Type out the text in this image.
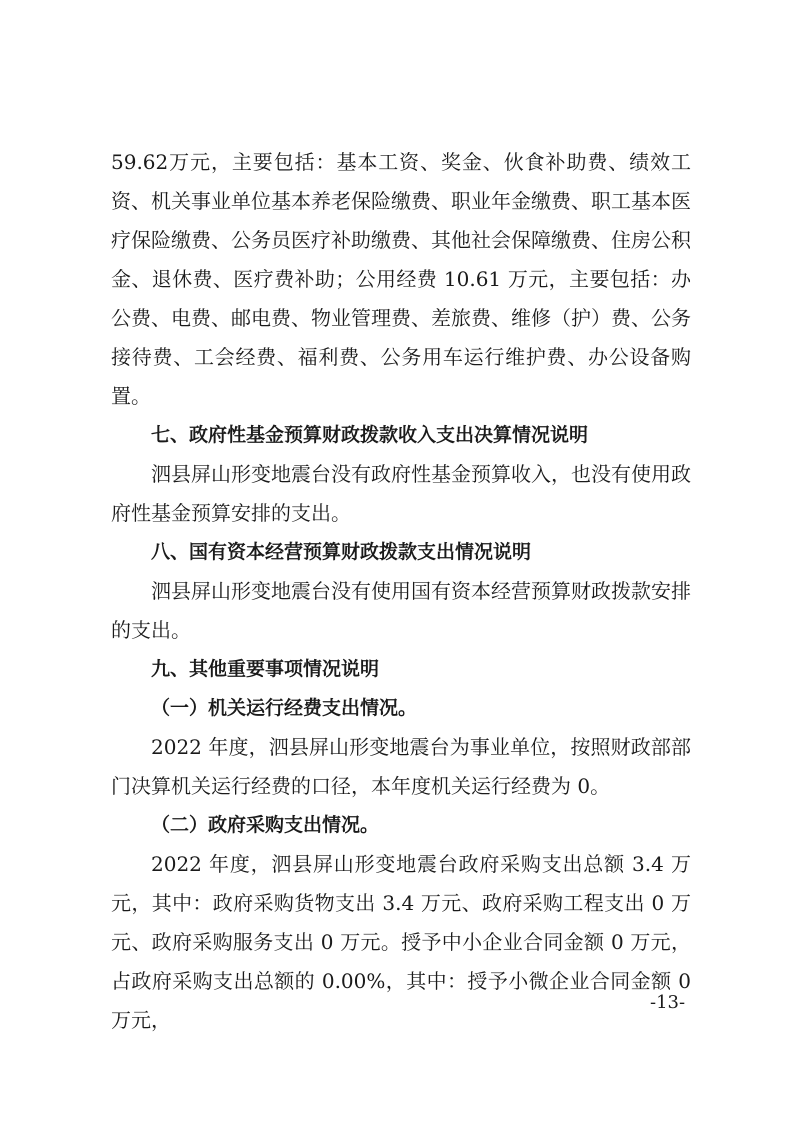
59.62万元，主要包括：基本工资、奖金、伙食补助费、绩效工资、机关事业单位基本养老保险缴费、职业年金缴费、职工基本医疗保险缴费、公务员医疗补助缴费、其他社会保障缴费、住房公积金、退休费、医疗费补助；公用经费 10.61 万元，主要包括：办公费、电费、邮电费、物业管理费、差旅费、维修（护）费、公务接待费、工会经费、福利费、公务用车运行维护费、办公设备购置。

七、政府性基金预算财政拨款收入支出决算情况说明

泗县屏山形变地震台没有政府性基金预算收入，也没有使用政府性基金预算安排的支出。

八、国有资本经营预算财政拨款支出情况说明

泗县屏山形变地震台没有使用国有资本经营预算财政拨款安排的支出。

九、其他重要事项情况说明

（一）机关运行经费支出情况。

2022 年度，泗县屏山形变地震台为事业单位，按照财政部部门决算机关运行经费的口径，本年度机关运行经费为 0。

（二）政府采购支出情况。

2022 年度，泗县屏山形变地震台政府采购支出总额 3.4 万元，其中：政府采购货物支出 3.4 万元、政府采购工程支出 0 万元、政府采购服务支出 0 万元。授予中小企业合同金额 0 万元，占政府采购支出总额的 0.00%，其中：授予小微企业合同金额 0 万元，

-13-
